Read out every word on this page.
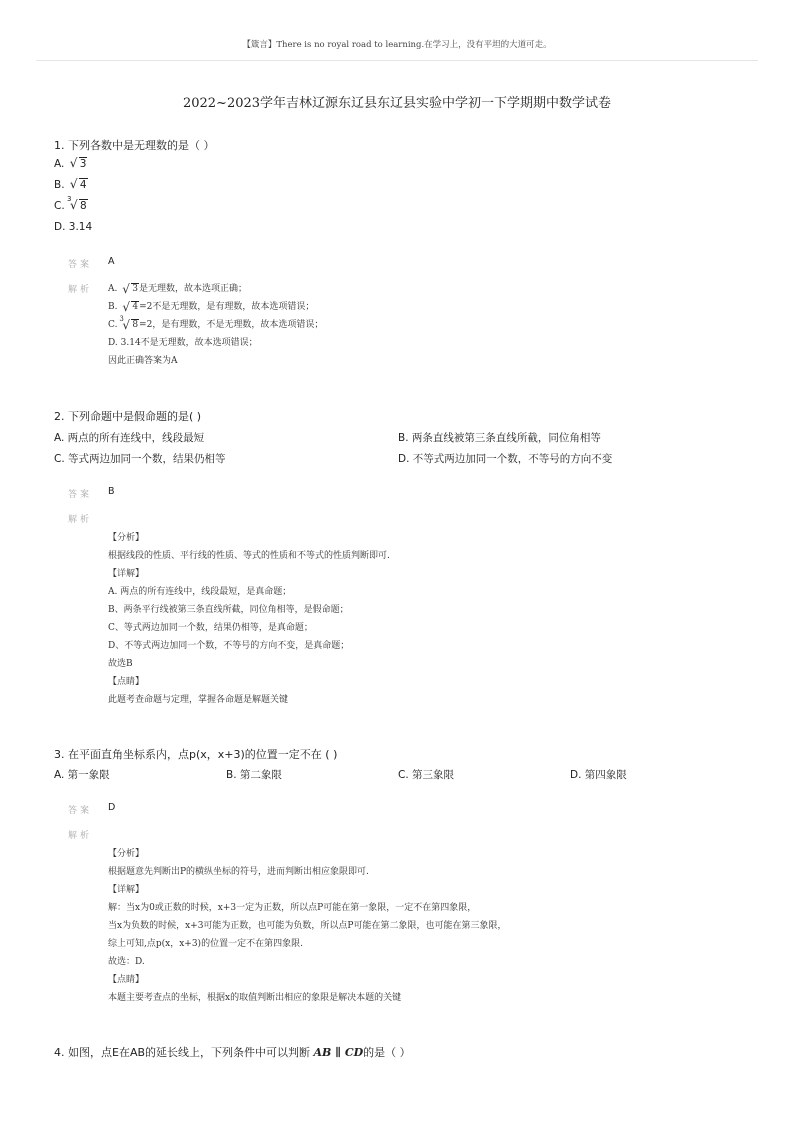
【箴言】There is no royal road to learning.在学习上，没有平坦的大道可走。
2022~2023学年吉林辽源东辽县东辽县实验中学初一下学期期中数学试卷
1. 下列各数中是无理数的是（ ）
A. √ 3
B. √ 4
C.
3
√ 8
D. 3.14
答案 A
解析 A. √ 3是无理数，故本选项正确；
B. √ 4=2不是无理数，是有理数，故本选项错误；
C.
3
√ 8=2，是有理数，不是无理数，故本选项错误；
D. 3.14不是无理数，故本选项错误；
因此正确答案为A
2. 下列命题中是假命题的是( )
A. 两点的所有连线中，线段最短	B. 两条直线被第三条直线所截，同位角相等
C. 等式两边加同一个数，结果仍相等	D. 不等式两边加同一个数，不等号的方向不变
答案 B
解析
【分析】
根据线段的性质、平行线的性质、等式的性质和不等式的性质判断即可.
【详解】
A. 两点的所有连线中，线段最短，是真命题；
B、两条平行线被第三条直线所截，同位角相等，是假命题；
C、等式两边加同一个数，结果仍相等，是真命题；
D、不等式两边加同一个数，不等号的方向不变，是真命题；
故选B
【点睛】
此题考查命题与定理，掌握各命题是解题关键
3. 在平面直角坐标系内，点p(x，x+3)的位置一定不在 ( )
A. 第一象限	B. 第二象限	C. 第三象限	D. 第四象限
答案 D
解析
【分析】
根据题意先判断出P的横纵坐标的符号，进而判断出相应象限即可.
【详解】
解：当x为0或正数的时候，x+3一定为正数，所以点P可能在第一象限，一定不在第四象限，
当x为负数的时候，x+3可能为正数，也可能为负数，所以点P可能在第二象限，也可能在第三象限，
综上可知,点p(x，x+3)的位置一定不在第四象限.
故选：D.
【点睛】
本题主要考查点的坐标，根据x的取值判断出相应的象限是解决本题的关键
4. 如图，点E在AB的延长线上，下列条件中可以判断 AB ∥ CD的是（ ）
